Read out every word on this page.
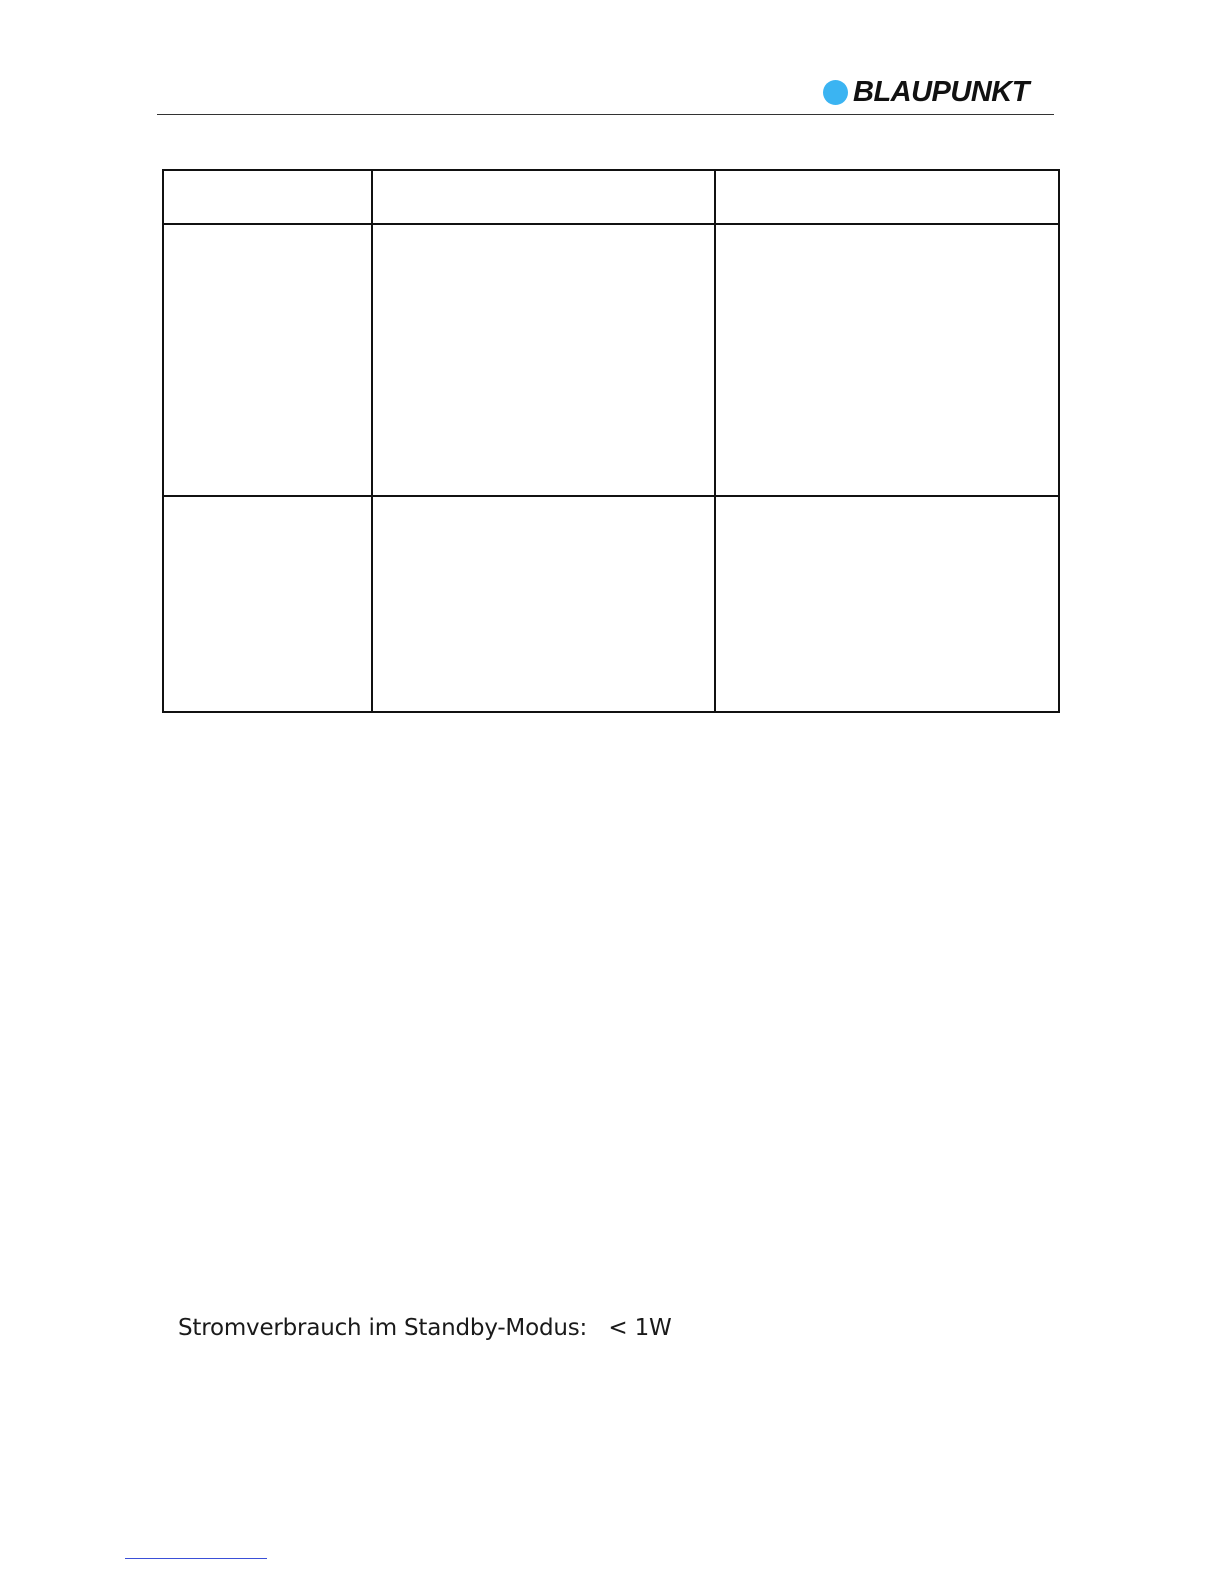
BLAUPUNKT

Stromverbrauch im Standby-Modus: < 1W
